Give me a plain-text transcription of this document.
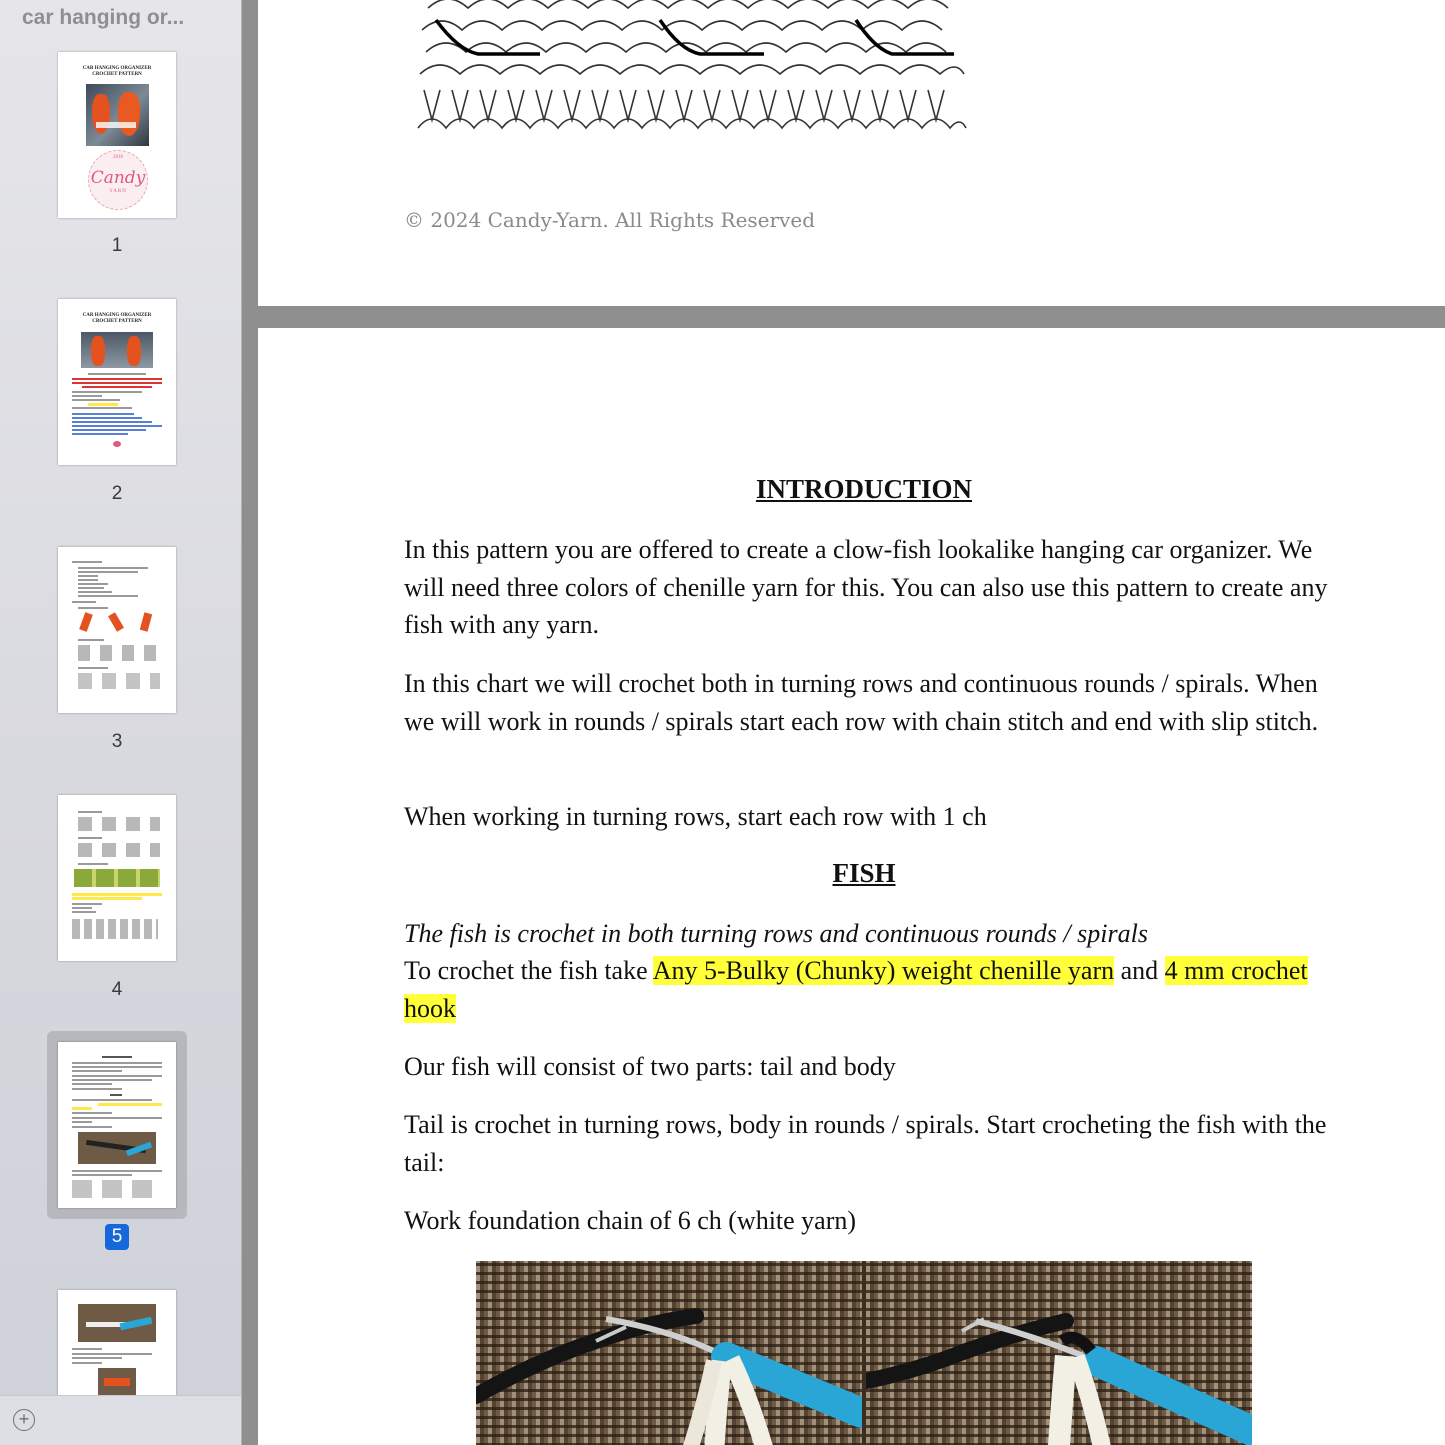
car hanging or...
CAR HANGING ORGANIZER
CROCHET PATTERN
2016
Candy
YARN
1
CAR HANGING ORGANIZER
CROCHET PATTERN
2
3
4
5
+
© 2024 Candy-Yarn. All Rights Reserved
INTRODUCTION
In this pattern you are offered to create a clow-fish lookalike hanging car organizer. We will need three colors of chenille yarn for this. You can also use this pattern to create any fish with any yarn.
In this chart we will crochet both in turning rows and continuous rounds / spirals. When we will work in rounds / spirals start each row with chain stitch and end with slip stitch.
When working in turning rows, start each row with 1 ch
FISH
The fish is crochet in both turning rows and continuous rounds / spirals
To crochet the fish take Any 5-Bulky (Chunky) weight chenille yarn and 4 mm crochet hook
Our fish will consist of two parts: tail and body
Tail is crochet in turning rows, body in rounds / spirals. Start crocheting the fish with the tail:
Work foundation chain of 6 ch (white yarn)
